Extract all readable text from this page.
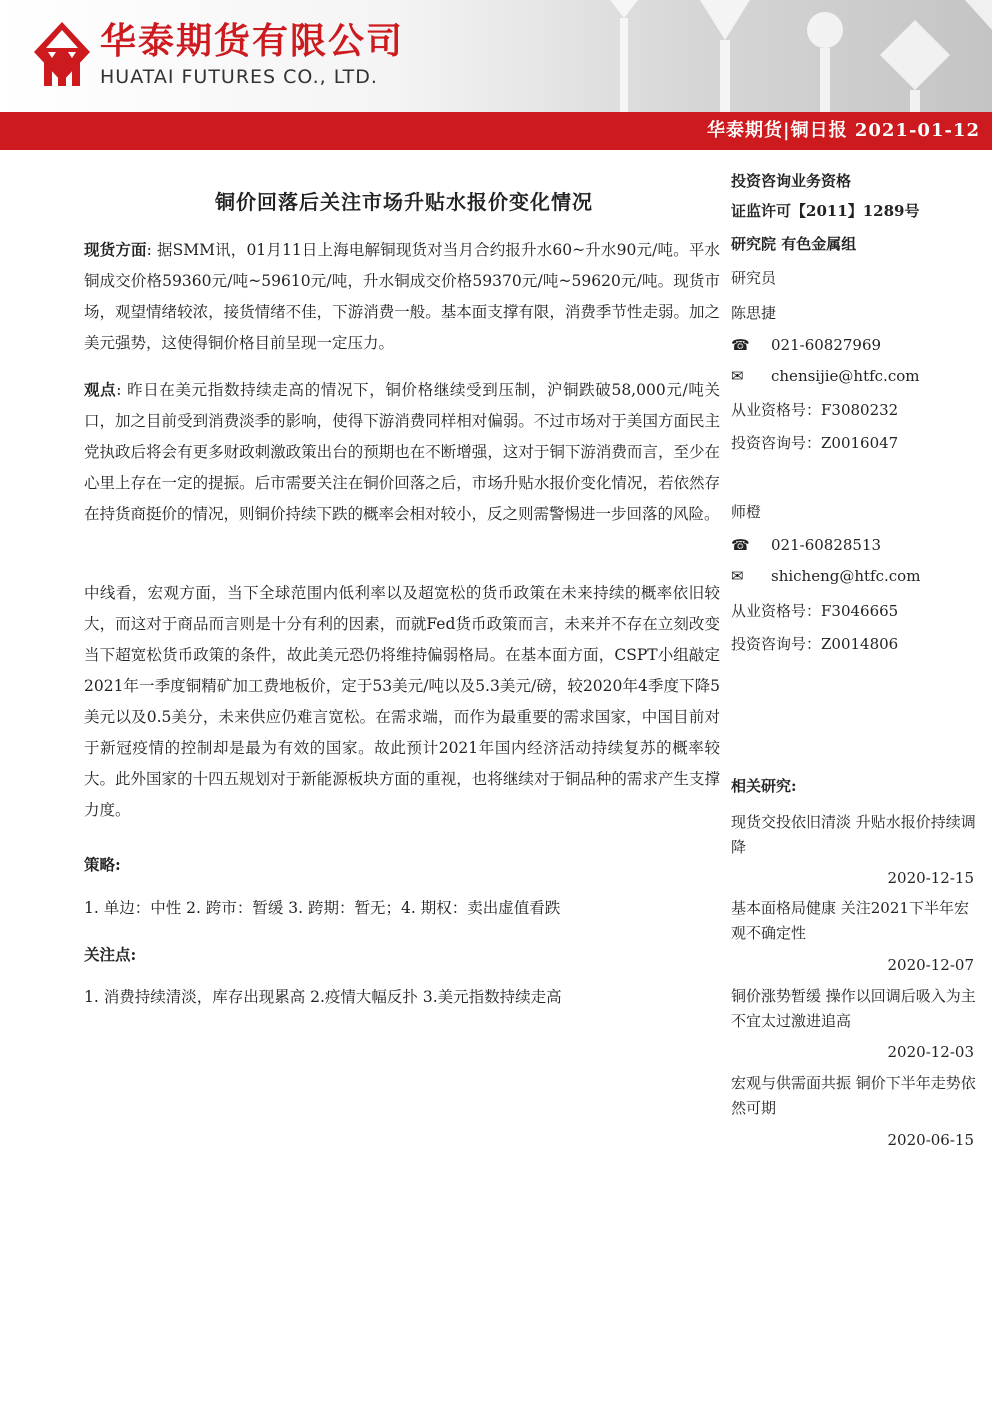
华泰期货有限公司
HUATAI FUTURES CO., LTD.
华泰期货|铜日报 2021-01-12
铜价回落后关注市场升贴水报价变化情况

现货方面: 据SMM讯，01月11日上海电解铜现货对当月合约报升水60~升水90元/吨。平水铜成交价格59360元/吨~59610元/吨，升水铜成交价格59370元/吨~59620元/吨。现货市场，观望情绪较浓，接货情绪不佳，下游消费一般。基本面支撑有限，消费季节性走弱。加之美元强势，这使得铜价格目前呈现一定压力。

观点: 昨日在美元指数持续走高的情况下，铜价格继续受到压制，沪铜跌破58,000元/吨关口，加之目前受到消费淡季的影响，使得下游消费同样相对偏弱。不过市场对于美国方面民主党执政后将会有更多财政刺激政策出台的预期也在不断增强，这对于铜下游消费而言，至少在心里上存在一定的提振。后市需要关注在铜价回落之后，市场升贴水报价变化情况，若依然存在持货商挺价的情况，则铜价持续下跌的概率会相对较小，反之则需警惕进一步回落的风险。

中线看，宏观方面，当下全球范围内低利率以及超宽松的货币政策在未来持续的概率依旧较大，而这对于商品而言则是十分有利的因素，而就Fed货币政策而言，未来并不存在立刻改变当下超宽松货币政策的条件，故此美元恐仍将维持偏弱格局。在基本面方面，CSPT小组敲定2021年一季度铜精矿加工费地板价，定于53美元/吨以及5.3美元/磅，较2020年4季度下降5美元以及0.5美分，未来供应仍难言宽松。在需求端，而作为最重要的需求国家，中国目前对于新冠疫情的控制却是最为有效的国家。故此预计2021年国内经济活动持续复苏的概率较大。此外国家的十四五规划对于新能源板块方面的重视，也将继续对于铜品种的需求产生支撑力度。

策略:

1. 单边：中性 2. 跨市：暂缓 3. 跨期：暂无；4. 期权：卖出虚值看跌

关注点:

1. 消费持续清淡，库存出现累高 2.疫情大幅反扑 3.美元指数持续走高

投资咨询业务资格
证监许可【2011】1289号
研究院 有色金属组
研究员
陈思捷
☎ 021-60827969
✉ chensijie@htfc.com
从业资格号：F3080232
投资咨询号：Z0016047
师橙
☎ 021-60828513
✉ shicheng@htfc.com
从业资格号：F3046665
投资咨询号：Z0014806
相关研究:
现货交投依旧清淡 升贴水报价持续调降
2020-12-15
基本面格局健康 关注2021下半年宏观不确定性
2020-12-07
铜价涨势暂缓 操作以回调后吸入为主不宜太过激进追高
2020-12-03
宏观与供需面共振 铜价下半年走势依然可期
2020-06-15
